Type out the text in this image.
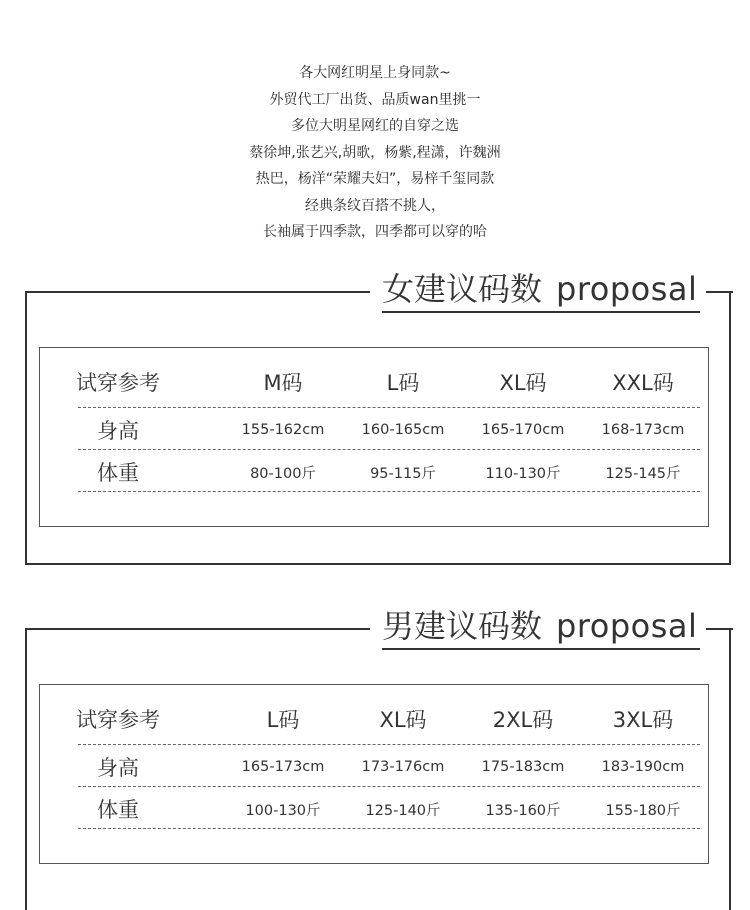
各大网红明星上身同款~
外贸代工厂出货、品质wan里挑一
多位大明星网红的自穿之选
蔡徐坤,张艺兴,胡歌，杨紫,程潇，许魏洲
热巴，杨洋“荣耀夫妇”，易梓千玺同款
经典条纹百搭不挑人，
长袖属于四季款，四季都可以穿的哈
女建议码数 proposal
试穿参考	M码	L码	XL码	XXL码
身高	155-162cm	160-165cm	165-170cm	168-173cm
体重	80-100斤	95-115斤	110-130斤	125-145斤
男建议码数 proposal
试穿参考	L码	XL码	2XL码	3XL码
身高	165-173cm	173-176cm	175-183cm	183-190cm
体重	100-130斤	125-140斤	135-160斤	155-180斤
